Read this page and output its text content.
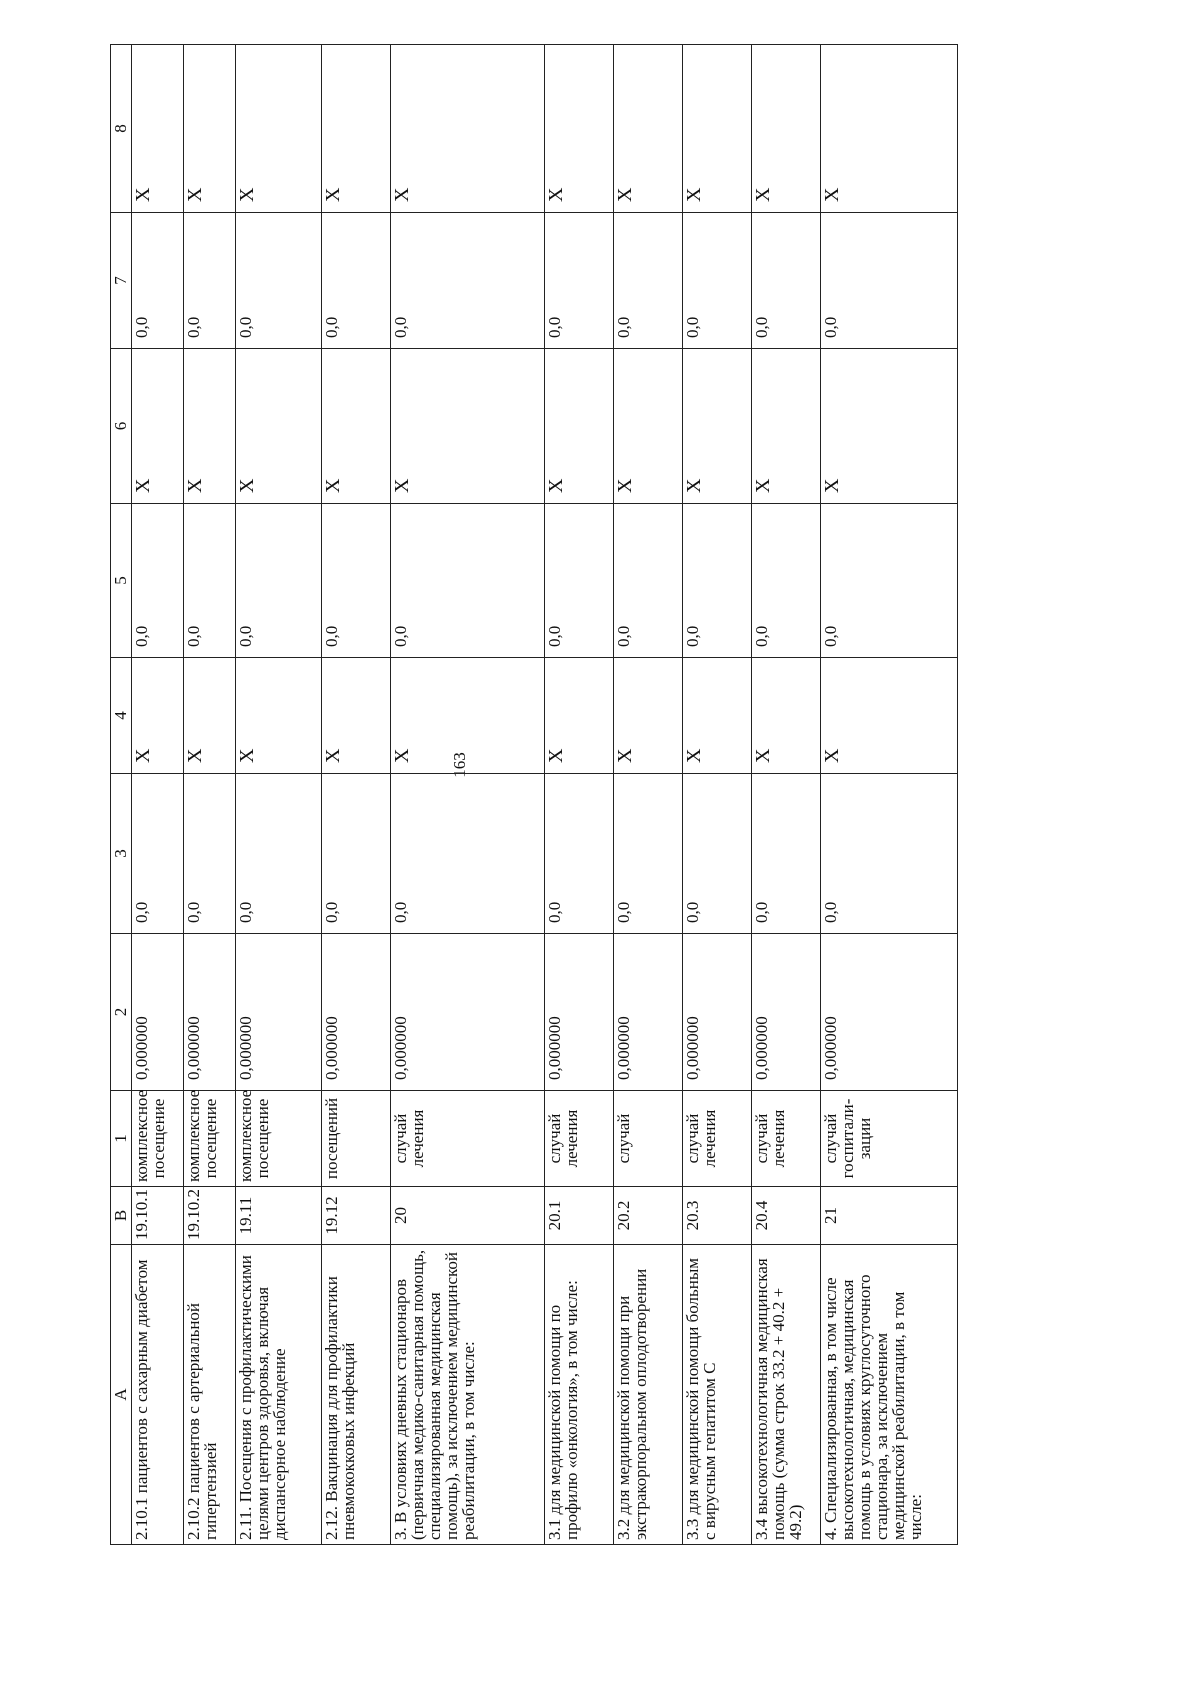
163
A	B	1	2	3	4	5	6	7	8
2.10.1 пациентов с сахарным диабетом	19.10.1	комплексное посещение	0,000000	0,0	X	0,0	X	0,0	X
2.10.2 пациентов с артериальной гипертензией	19.10.2	комплексное посещение	0,000000	0,0	X	0,0	X	0,0	X
2.11. Посещения с профилактическими целями центров здоровья, включая диспансерное наблюдение	19.11	комплексное посещение	0,000000	0,0	X	0,0	X	0,0	X
2.12. Вакцинация для профилактики пневмококковых инфекций	19.12	посещений	0,000000	0,0	X	0,0	X	0,0	X
3. В условиях дневных стационаров (первичная медико-санитарная помощь, специализированная медицинская помощь), за исключением медицинской реабилитации, в том числе:	20	случай лечения	0,000000	0,0	X	0,0	X	0,0	X
3.1 для медицинской помощи по профилю «онкология», в том числе:	20.1	случай лечения	0,000000	0,0	X	0,0	X	0,0	X
3.2 для медицинской помощи при экстракорпоральном оплодотворении	20.2	случай	0,000000	0,0	X	0,0	X	0,0	X
3.3 для медицинской помощи больным с вирусным гепатитом С	20.3	случай лечения	0,000000	0,0	X	0,0	X	0,0	X
3.4 высокотехнологичная медицинская помощь (сумма строк 33.2 + 40.2 + 49.2)	20.4	случай лечения	0,000000	0,0	X	0,0	X	0,0	X
4. Специализированная, в том числе высокотехнологичная, медицинская помощь в условиях круглосуточного стационара, за исключением медицинской реабилитации, в том числе:	21	случай госпитали-зации	0,000000	0,0	X	0,0	X	0,0	X
